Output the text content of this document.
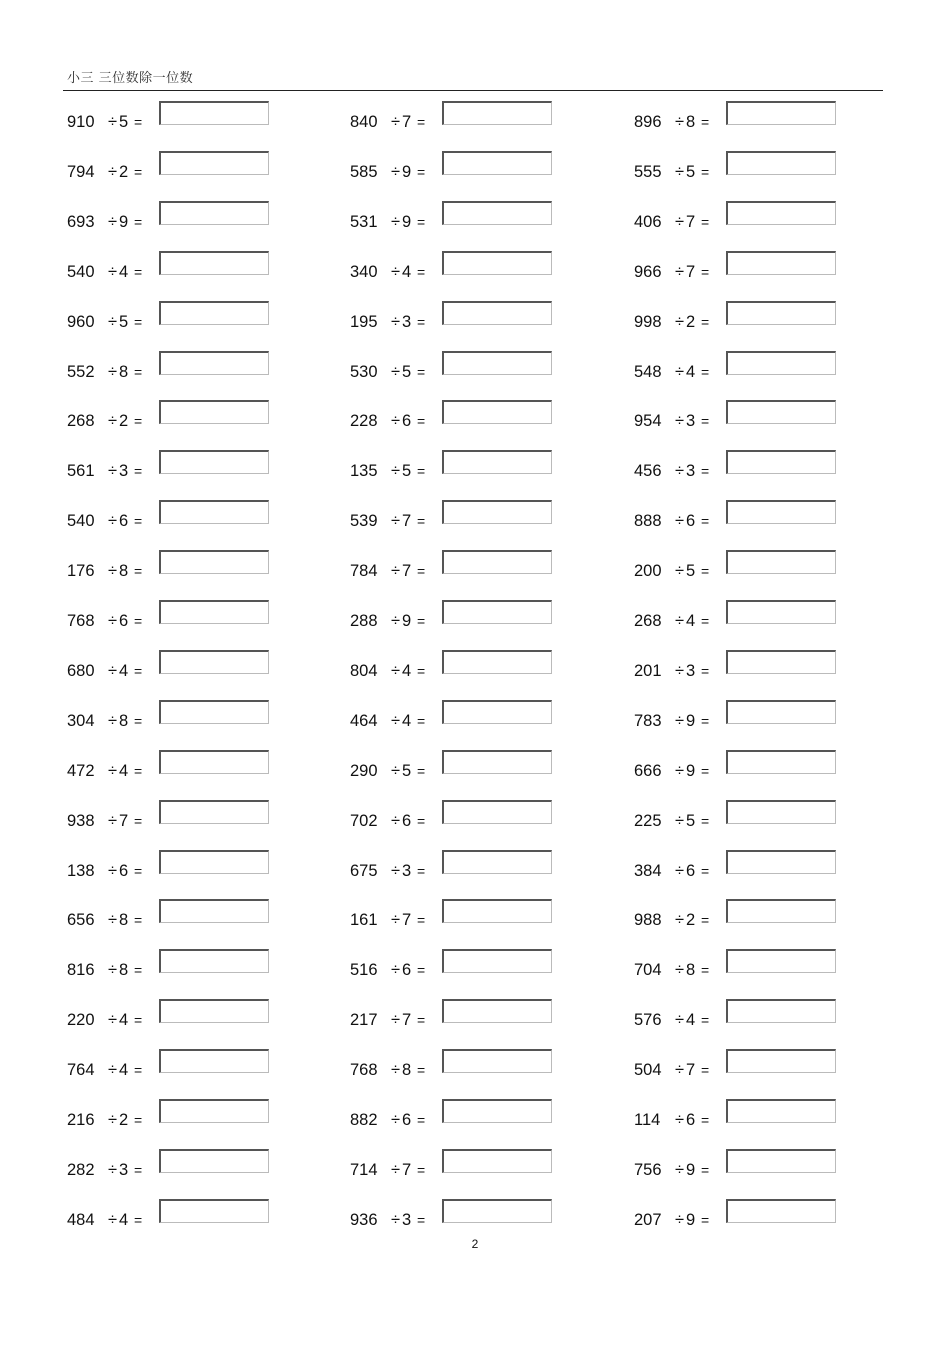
小三 三位数除一位数
910 ÷ 5 =
794 ÷ 2 =
693 ÷ 9 =
540 ÷ 4 =
960 ÷ 5 =
552 ÷ 8 =
268 ÷ 2 =
561 ÷ 3 =
540 ÷ 6 =
176 ÷ 8 =
768 ÷ 6 =
680 ÷ 4 =
304 ÷ 8 =
472 ÷ 4 =
938 ÷ 7 =
138 ÷ 6 =
656 ÷ 8 =
816 ÷ 8 =
220 ÷ 4 =
764 ÷ 4 =
216 ÷ 2 =
282 ÷ 3 =
484 ÷ 4 =
840 ÷ 7 =
585 ÷ 9 =
531 ÷ 9 =
340 ÷ 4 =
195 ÷ 3 =
530 ÷ 5 =
228 ÷ 6 =
135 ÷ 5 =
539 ÷ 7 =
784 ÷ 7 =
288 ÷ 9 =
804 ÷ 4 =
464 ÷ 4 =
290 ÷ 5 =
702 ÷ 6 =
675 ÷ 3 =
161 ÷ 7 =
516 ÷ 6 =
217 ÷ 7 =
768 ÷ 8 =
882 ÷ 6 =
714 ÷ 7 =
936 ÷ 3 =
896 ÷ 8 =
555 ÷ 5 =
406 ÷ 7 =
966 ÷ 7 =
998 ÷ 2 =
548 ÷ 4 =
954 ÷ 3 =
456 ÷ 3 =
888 ÷ 6 =
200 ÷ 5 =
268 ÷ 4 =
201 ÷ 3 =
783 ÷ 9 =
666 ÷ 9 =
225 ÷ 5 =
384 ÷ 6 =
988 ÷ 2 =
704 ÷ 8 =
576 ÷ 4 =
504 ÷ 7 =
114 ÷ 6 =
756 ÷ 9 =
207 ÷ 9 =
2
